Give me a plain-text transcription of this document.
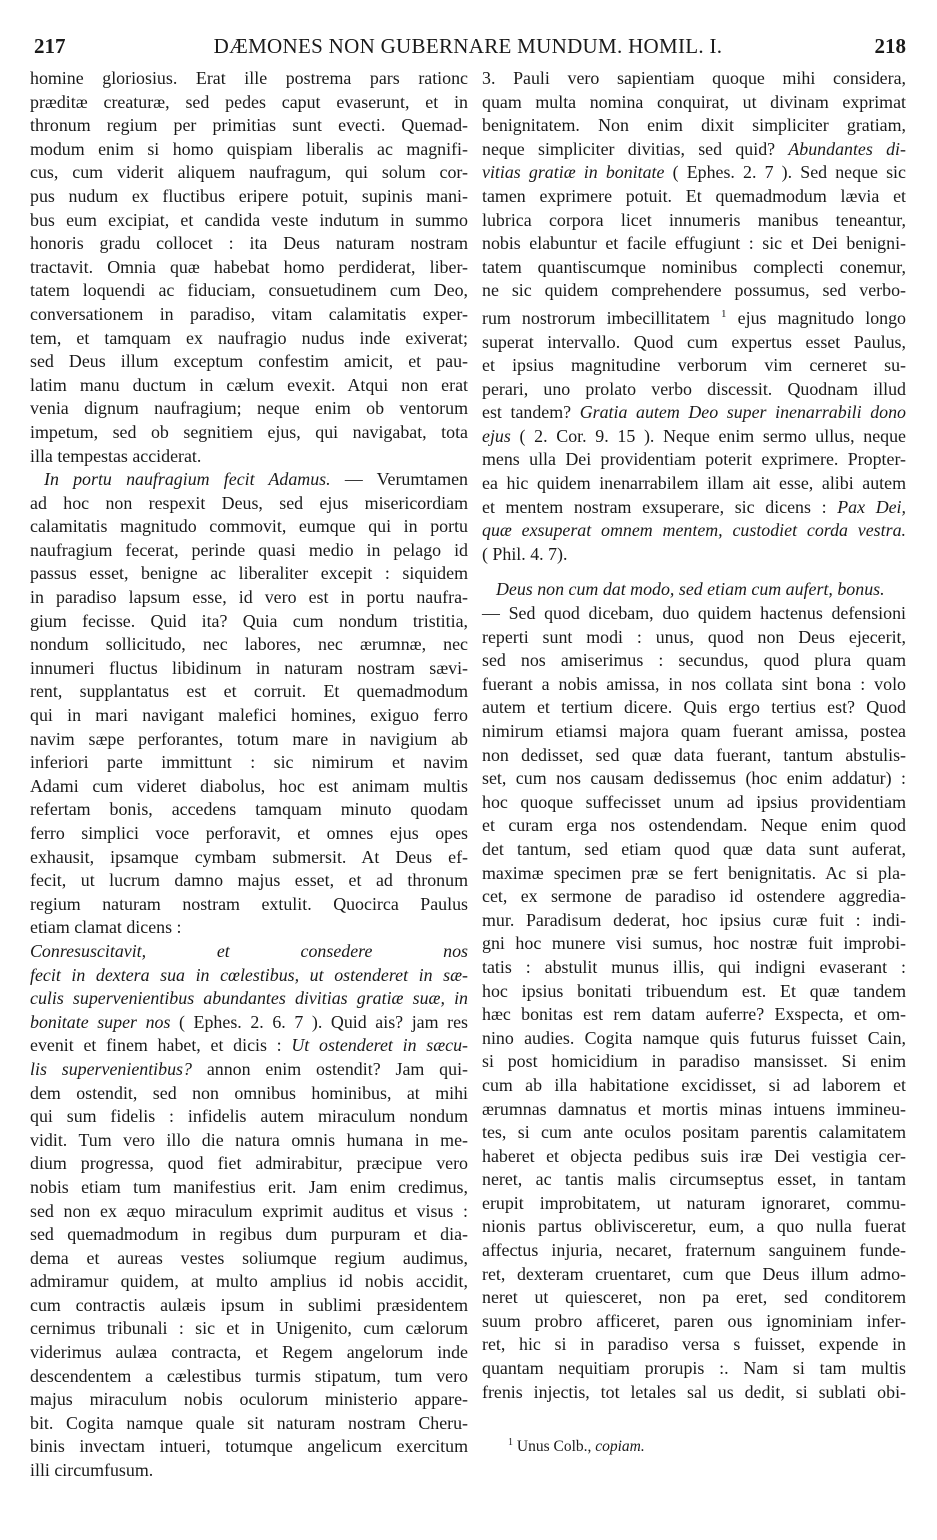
217	DÆMONES NON GUBERNARE MUNDUM. HOMIL. I.	218
homine gloriosius. Erat ille postrema pars rationc
præditæ creaturæ, sed pedes caput evaserunt, et in
thronum regium per primitias sunt evecti. Quemad-
modum enim si homo quispiam liberalis ac magnifi-
cus, cum viderit aliquem naufragum, qui solum cor-
pus nudum ex fluctibus eripere potuit, supinis mani-
bus eum excipiat, et candida veste indutum in summo
honoris gradu collocet : ita Deus naturam nostram
tractavit. Omnia quæ habebat homo perdiderat, liber-
tatem loquendi ac fiduciam, consuetudinem cum Deo,
conversationem in paradiso, vitam calamitatis exper-
tem, et tamquam ex naufragio nudus inde exiverat;
sed Deus illum exceptum confestim amicit, et pau-
latim manu ductum in cælum evexit. Atqui non erat
venia dignum naufragium; neque enim ob ventorum
impetum, sed ob segnitiem ejus, qui navigabat, tota
illa tempestas acciderat.
In portu naufragium fecit Adamus. — Verumtamen
ad hoc non respexit Deus, sed ejus misericordiam
calamitatis magnitudo commovit, eumque qui in portu
naufragium fecerat, perinde quasi medio in pelago id
passus esset, benigne ac liberaliter excepit : siquidem
in paradiso lapsum esse, id vero est in portu naufra-
gium fecisse. Quid ita? Quia cum nondum tristitia,
nondum sollicitudo, nec labores, nec ærumnæ, nec
innumeri fluctus libidinum in naturam nostram sævi-
rent, supplantatus est et corruit. Et quemadmodum
qui in mari navigant malefici homines, exiguo ferro
navim sæpe perforantes, totum mare in navigium ab
inferiori parte immittunt : sic nimirum et navim
Adami cum videret diabolus, hoc est animam multis
refertam bonis, accedens tamquam minuto quodam
ferro simplici voce perforavit, et omnes ejus opes
exhausit, ipsamque cymbam submersit. At Deus ef-
fecit, ut lucrum damno majus esset, et ad thronum
regium naturam nostram extulit. Quocirca Paulus
etiam clamat dicens :
Conresuscitavit, et consedere nos
fecit in dextera sua in cœlestibus, ut ostenderet in sæ-
culis supervenientibus abundantes divitias gratiæ suæ, in
bonitate super nos ( Ephes. 2. 6. 7 ). Quid ais? jam res
evenit et finem habet, et dicis : Ut ostenderet in sæcu-
lis supervenientibus? annon enim ostendit? Jam qui-
dem ostendit, sed non omnibus hominibus, at mihi
qui sum fidelis : infidelis autem miraculum nondum
vidit. Tum vero illo die natura omnis humana in me-
dium progressa, quod fiet admirabitur, præcipue vero
nobis etiam tum manifestius erit. Jam enim credimus,
sed non ex æquo miraculum exprimit auditus et visus :
sed quemadmodum in regibus dum purpuram et dia-
dema et aureas vestes soliumque regium audimus,
admiramur quidem, at multo amplius id nobis accidit,
cum contractis aulæis ipsum in sublimi præsidentem
cernimus tribunali : sic et in Unigenito, cum cælorum
viderimus aulæa contracta, et Regem angelorum inde
descendentem a cælestibus turmis stipatum, tum vero
majus miraculum nobis oculorum ministerio appare-
bit. Cogita namque quale sit naturam nostram Cheru-
binis invectam intueri, totumque angelicum exercitum
illi circumfusum.
3. Pauli vero sapientiam quoque mihi considera,
quam multa nomina conquirat, ut divinam exprimat
benignitatem. Non enim dixit simpliciter gratiam,
neque simpliciter divitias, sed quid? Abundantes di-
vitias gratiæ in bonitate ( Ephes. 2. 7 ). Sed neque sic
tamen exprimere potuit. Et quemadmodum lævia et
lubrica corpora licet innumeris manibus teneantur,
nobis elabuntur et facile effugiunt : sic et Dei benigni-
tatem quantiscumque nominibus complecti conemur,
ne sic quidem comprehendere possumus, sed verbo-
rum nostrorum imbecillitatem $^1$ ejus magnitudo longo
superat intervallo. Quod cum expertus esset Paulus,
et ipsius magnitudine verborum vim cerneret su-
perari, uno prolato verbo discessit. Quodnam illud
est tandem? Gratia autem Deo super inenarrabili dono
ejus ( 2. Cor. 9. 15 ). Neque enim sermo ullus, neque
mens ulla Dei providentiam poterit exprimere. Propter-
ea hic quidem inenarrabilem illam ait esse, alibi autem
et mentem nostram exsuperare, sic dicens : Pax Dei,
quæ exsuperat omnem mentem, custodiet corda vestra.
( Phil. 4. 7).
Deus non cum dat modo, sed etiam cum aufert, bonus.
— Sed quod dicebam, duo quidem hactenus defensioni
reperti sunt modi : unus, quod non Deus ejecerit,
sed nos amiserimus : secundus, quod plura quam
fuerant a nobis amissa, in nos collata sint bona : volo
autem et tertium dicere. Quis ergo tertius est? Quod
nimirum etiamsi majora quam fuerant amissa, postea
non dedisset, sed quæ data fuerant, tantum abstulis-
set, cum nos causam dedissemus (hoc enim addatur) :
hoc quoque suffecisset unum ad ipsius providentiam
et curam erga nos ostendendam. Neque enim quod
det tantum, sed etiam quod quæ data sunt auferat,
maximæ specimen præ se fert benignitatis. Ac si pla-
cet, ex sermone de paradiso id ostendere aggredia-
mur. Paradisum dederat, hoc ipsius curæ fuit : indi-
gni hoc munere visi sumus, hoc nostræ fuit improbi-
tatis : abstulit munus illis, qui indigni evaserant :
hoc ipsius bonitati tribuendum est. Et quæ tandem
hæc bonitas est rem datam auferre? Exspecta, et om-
nino audies. Cogita namque quis futurus fuisset Cain,
si post homicidium in paradiso mansisset. Si enim
cum ab illa habitatione excidisset, si ad laborem et
ærumnas damnatus et mortis minas intuens immineu-
tes, si cum ante oculos positam parentis calamitatem
haberet et objecta pedibus suis iræ Dei vestigia cer-
neret, ac tantis malis circumseptus esset, in tantam
erupit improbitatem, ut naturam ignoraret, commu-
nionis partus oblivisceretur, eum, a quo nulla fuerat
affectus injuria, necaret, fraternum sanguinem funde-
ret, dexteram cruentaret, cum que Deus illum admo-
neret ut quiesceret, non pa eret, sed conditorem
suum probro afficeret, paren ous ignominiam infer-
ret, hic si in paradiso versa s fuisset, expende in
quantam nequitiam prorupis :. Nam si tam multis
frenis injectis, tot letales sal us dedit, si sublati obi-
$^1$ Unus Colb., copiam.
